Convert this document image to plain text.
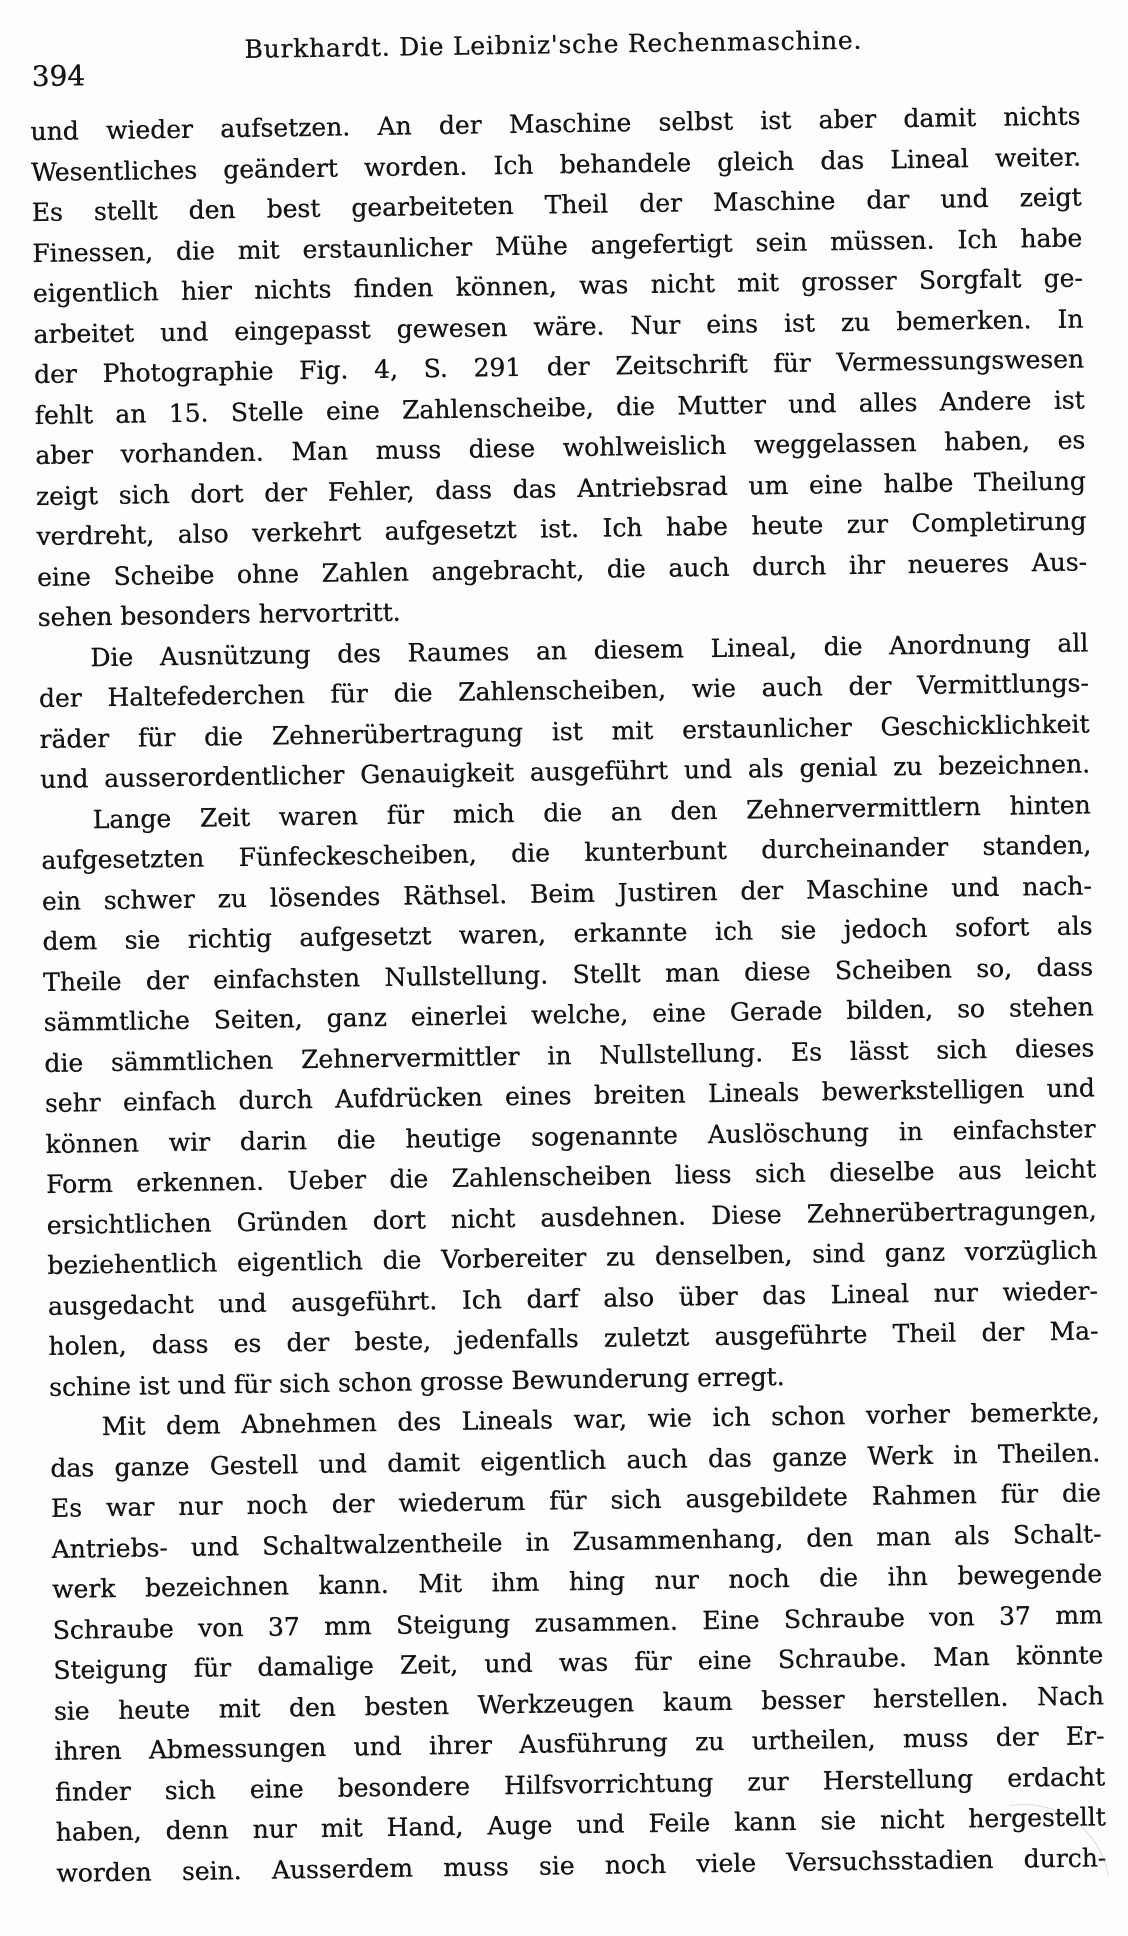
Burkhardt. Die Leibniz'sche Rechenmaschine.
394
und wieder aufsetzen. An der Maschine selbst ist aber damit nichts
Wesentliches geändert worden. Ich behandele gleich das Lineal weiter.
Es stellt den best gearbeiteten Theil der Maschine dar und zeigt
Finessen, die mit erstaunlicher Mühe angefertigt sein müssen. Ich habe
eigentlich hier nichts finden können, was nicht mit grosser Sorgfalt ge-
arbeitet und eingepasst gewesen wäre. Nur eins ist zu bemerken. In
der Photographie Fig. 4, S. 291 der Zeitschrift für Vermessungswesen
fehlt an 15. Stelle eine Zahlenscheibe, die Mutter und alles Andere ist
aber vorhanden. Man muss diese wohlweislich weggelassen haben, es
zeigt sich dort der Fehler, dass das Antriebsrad um eine halbe Theilung
verdreht, also verkehrt aufgesetzt ist. Ich habe heute zur Completirung
eine Scheibe ohne Zahlen angebracht, die auch durch ihr neueres Aus-
sehen besonders hervortritt.
Die Ausnützung des Raumes an diesem Lineal, die Anordnung all
der Haltefederchen für die Zahlenscheiben, wie auch der Vermittlungs-
räder für die Zehnerübertragung ist mit erstaunlicher Geschicklichkeit
und ausserordentlicher Genauigkeit ausgeführt und als genial zu bezeichnen.
Lange Zeit waren für mich die an den Zehnervermittlern hinten
aufgesetzten Fünfeckescheiben, die kunterbunt durcheinander standen,
ein schwer zu lösendes Räthsel. Beim Justiren der Maschine und nach-
dem sie richtig aufgesetzt waren, erkannte ich sie jedoch sofort als
Theile der einfachsten Nullstellung. Stellt man diese Scheiben so, dass
sämmtliche Seiten, ganz einerlei welche, eine Gerade bilden, so stehen
die sämmtlichen Zehnervermittler in Nullstellung. Es lässt sich dieses
sehr einfach durch Aufdrücken eines breiten Lineals bewerkstelligen und
können wir darin die heutige sogenannte Auslöschung in einfachster
Form erkennen. Ueber die Zahlenscheiben liess sich dieselbe aus leicht
ersichtlichen Gründen dort nicht ausdehnen. Diese Zehnerübertragungen,
beziehentlich eigentlich die Vorbereiter zu denselben, sind ganz vorzüglich
ausgedacht und ausgeführt. Ich darf also über das Lineal nur wieder-
holen, dass es der beste, jedenfalls zuletzt ausgeführte Theil der Ma-
schine ist und für sich schon grosse Bewunderung erregt.
Mit dem Abnehmen des Lineals war, wie ich schon vorher bemerkte,
das ganze Gestell und damit eigentlich auch das ganze Werk in Theilen.
Es war nur noch der wiederum für sich ausgebildete Rahmen für die
Antriebs- und Schaltwalzentheile in Zusammenhang, den man als Schalt-
werk bezeichnen kann. Mit ihm hing nur noch die ihn bewegende
Schraube von 37 mm Steigung zusammen. Eine Schraube von 37 mm
Steigung für damalige Zeit, und was für eine Schraube. Man könnte
sie heute mit den besten Werkzeugen kaum besser herstellen. Nach
ihren Abmessungen und ihrer Ausführung zu urtheilen, muss der Er-
finder sich eine besondere Hilfsvorrichtung zur Herstellung erdacht
haben, denn nur mit Hand, Auge und Feile kann sie nicht hergestellt
worden sein. Ausserdem muss sie noch viele Versuchsstadien durch-
